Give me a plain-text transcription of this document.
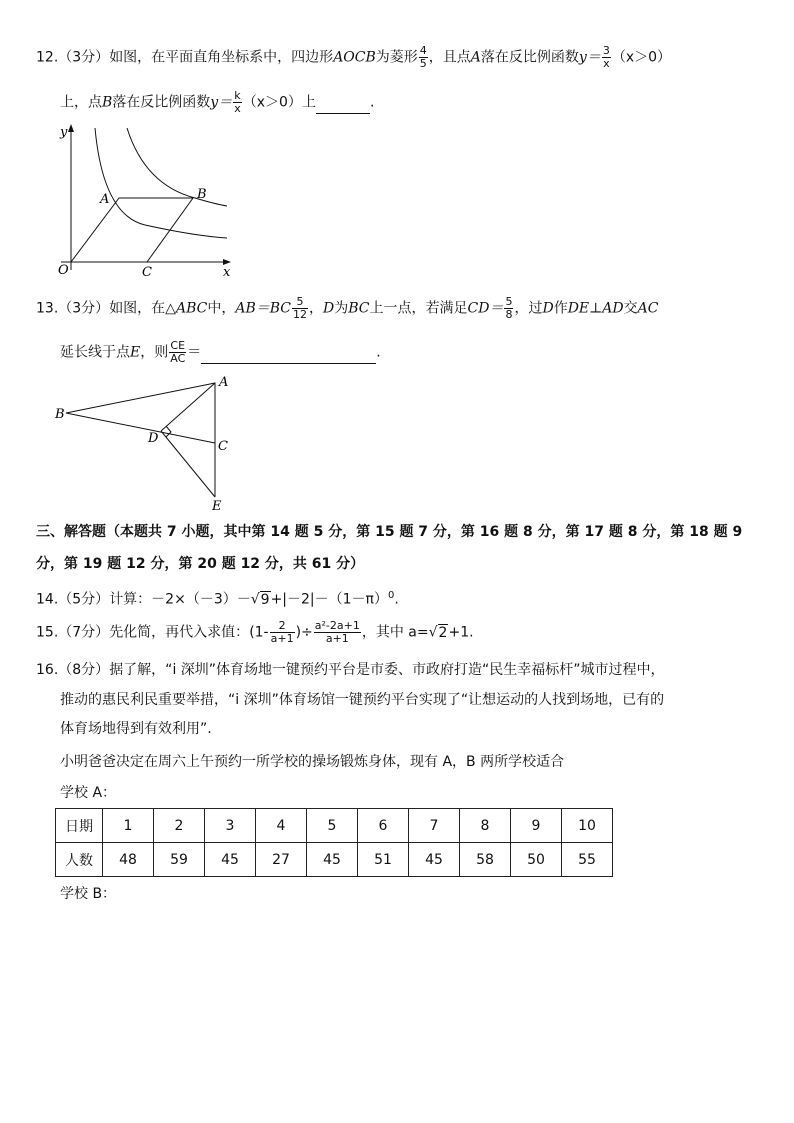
12.（3分）如图，在平面直角坐标系中，四边形AOCB为菱形 $\frac{4}{5}$ ，且点A落在反比例函数$y= \frac{3}{x} (x>0)$
上，点B落在反比例函数$y= \frac{k}{x} (x>0)$上	.
y
x
O
A	B
C
13.（3分）如图，在△ABC中，$AB=BC \frac{5}{12}$ ，D为BC上一点，若满足$CD= \frac{5}{8}$ ，过D作DE⊥AD交AC
延长线于点E，则 $\frac{CE}{AC}$ ＝	.
A
B
C
D
E
三、解答题（本题共 7 小题，其中第 14 题 5 分，第 15 题 7 分，第 16 题 8 分，第 17 题 8 分，第 18 题 9
分，第 19 题 12 分，第 20 题 12 分，共 61 分）
14.（5分）计算：$-2\times(-3)-√9+|-2|-(1-\pi)^0$.
15.（7分）先化简，再代入求值：($1- \frac{2}{a+1}$ )÷ $\frac{\text{a²-2a+1}}{a+1}$ ，其中 a=√2+1.
16.（8分）据了解，“i 深圳”体育场地一键预约平台是市委、市政府打造“民生幸福标杆”城市过程中，
推动的惠民利民重要举措，“i 深圳”体育场馆一键预约平台实现了“让想运动的人找到场地，已有的
体育场地得到有效利用”.
小明爸爸决定在周六上午预约一所学校的操场锻炼身体，现有 A，B 两所学校适合
学校 A：
日期	1	2	3	4	5	6	7	8	9	10
人数	48	59	45	27	45	51	45	58	50	55
学校 B：
